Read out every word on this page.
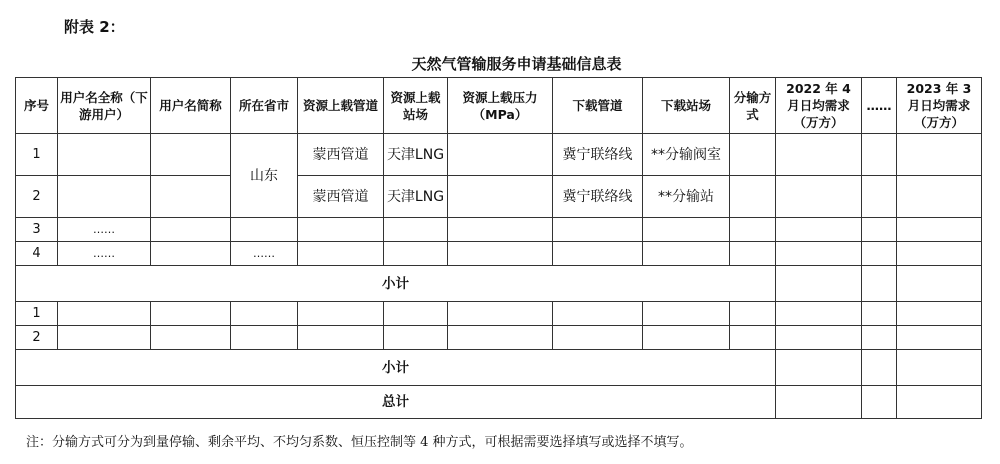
附表 2：
天然气管输服务申请基础信息表
序号	用户名全称（下游用户）	用户名简称	所在省市	资源上载管道	资源上载站场	资源上载压力（MPa）	下载管道	下载站场	分输方式	2022 年 4 月日均需求（万方）	……	2023 年 3 月日均需求（万方）
1			山东	蒙西管道	天津LNG		冀宁联络线	**分输阀室				
2				蒙西管道	天津LNG		冀宁联络线	**分输站				
3	……											
4	……		……									
小计												
1												
2												
小计												
总计												
注：分输方式可分为到量停输、剩余平均、不均匀系数、恒压控制等 4 种方式，可根据需要选择填写或选择不填写。
